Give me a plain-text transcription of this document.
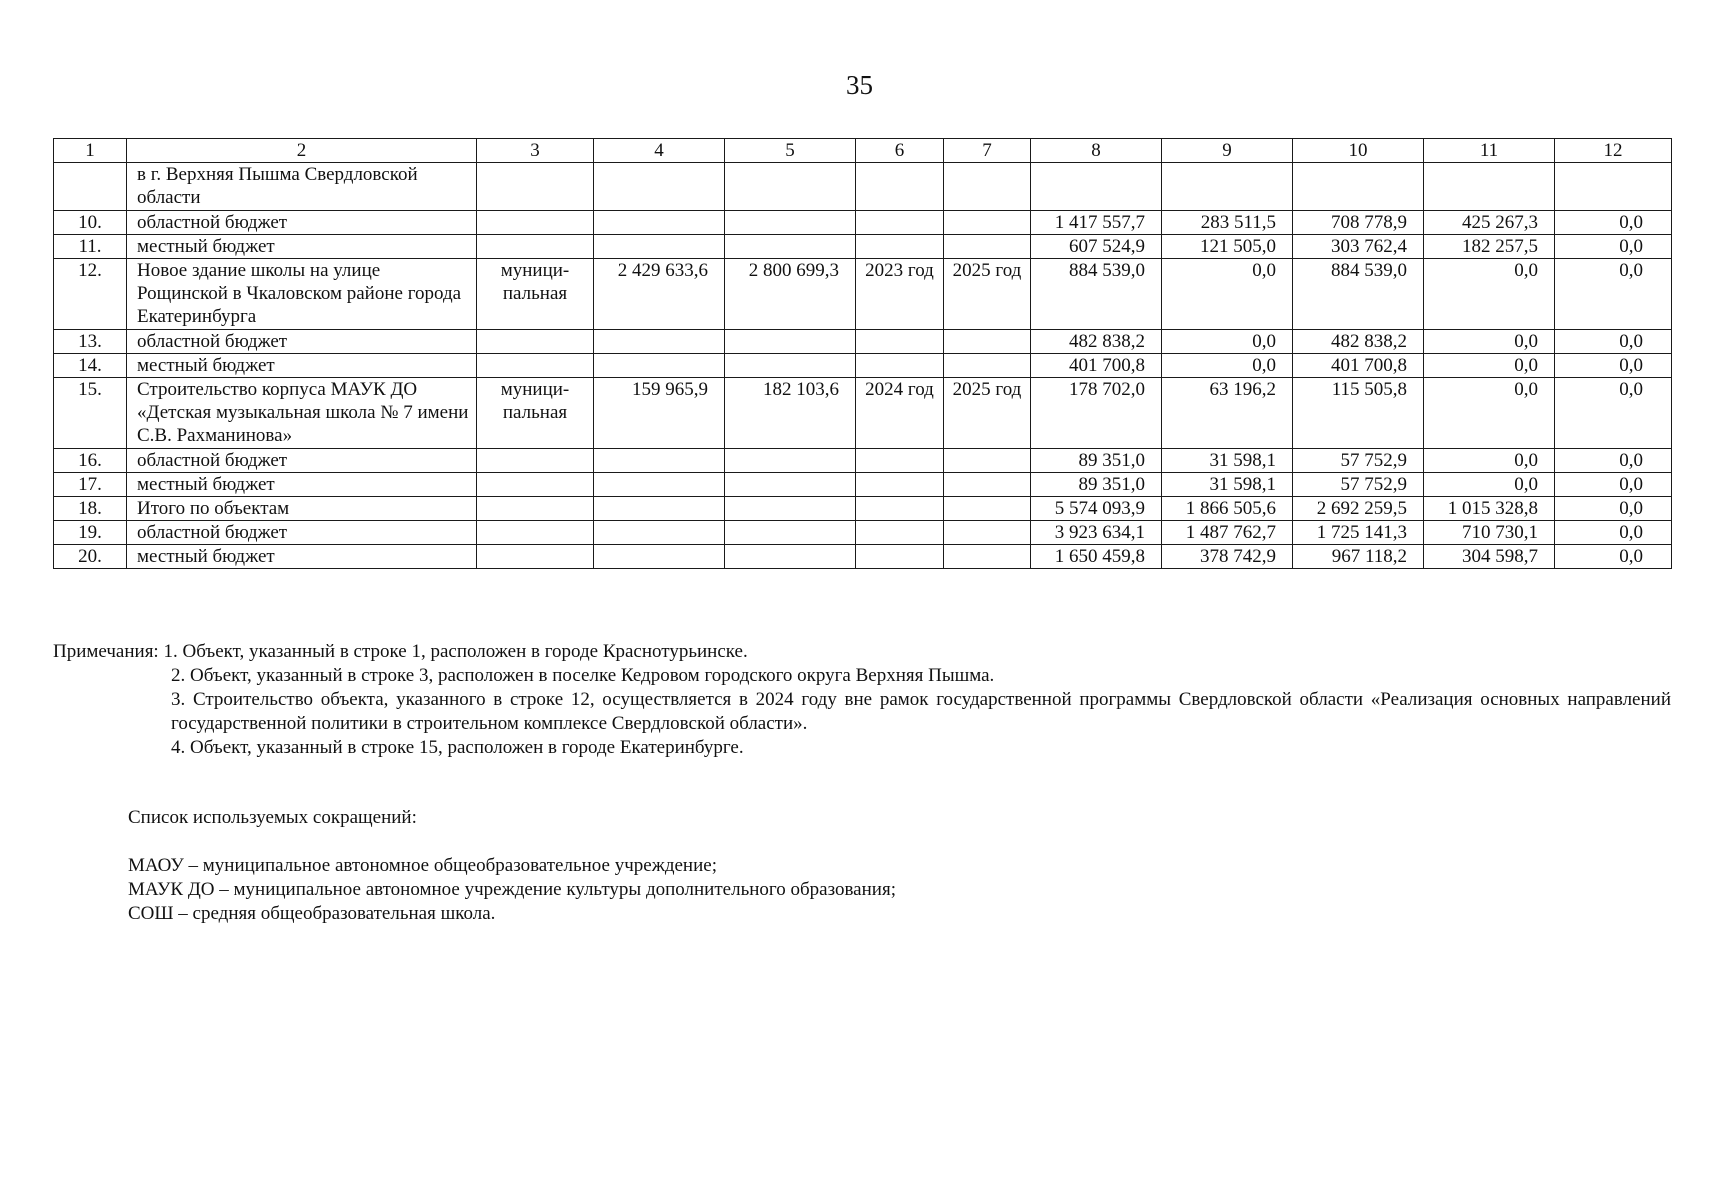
35
1	2	3	4	5	6	7	8	9	10	11	12
	в г. Верхняя Пышма Свердловской области										
10.	областной бюджет						1 417 557,7	283 511,5	708 778,9	425 267,3	0,0
11.	местный бюджет						607 524,9	121 505,0	303 762,4	182 257,5	0,0
12.	Новое здание школы на улице Рощинской в Чкаловском районе города Екатеринбурга	муници-пальная	2 429 633,6	2 800 699,3	2023 год	2025 год	884 539,0	0,0	884 539,0	0,0	0,0
13.	областной бюджет						482 838,2	0,0	482 838,2	0,0	0,0
14.	местный бюджет						401 700,8	0,0	401 700,8	0,0	0,0
15.	Строительство корпуса МАУК ДО «Детская музыкальная школа № 7 имени С.В. Рахманинова»	муници-пальная	159 965,9	182 103,6	2024 год	2025 год	178 702,0	63 196,2	115 505,8	0,0	0,0
16.	областной бюджет						89 351,0	31 598,1	57 752,9	0,0	0,0
17.	местный бюджет						89 351,0	31 598,1	57 752,9	0,0	0,0
18.	Итого по объектам						5 574 093,9	1 866 505,6	2 692 259,5	1 015 328,8	0,0
19.	областной бюджет						3 923 634,1	1 487 762,7	1 725 141,3	710 730,1	0,0
20.	местный бюджет						1 650 459,8	378 742,9	967 118,2	304 598,7	0,0
Примечания: 1. Объект, указанный в строке 1, расположен в городе Краснотурьинске.
2. Объект, указанный в строке 3, расположен в поселке Кедровом городского округа Верхняя Пышма.
3. Строительство объекта, указанного в строке 12, осуществляется в 2024 году вне рамок государственной программы Свердловской области «Реализация основных направлений государственной политики в строительном комплексе Свердловской области».
4. Объект, указанный в строке 15, расположен в городе Екатеринбурге.
Список используемых сокращений:
МАОУ – муниципальное автономное общеобразовательное учреждение;
МАУК ДО – муниципальное автономное учреждение культуры дополнительного образования;
СОШ – средняя общеобразовательная школа.
